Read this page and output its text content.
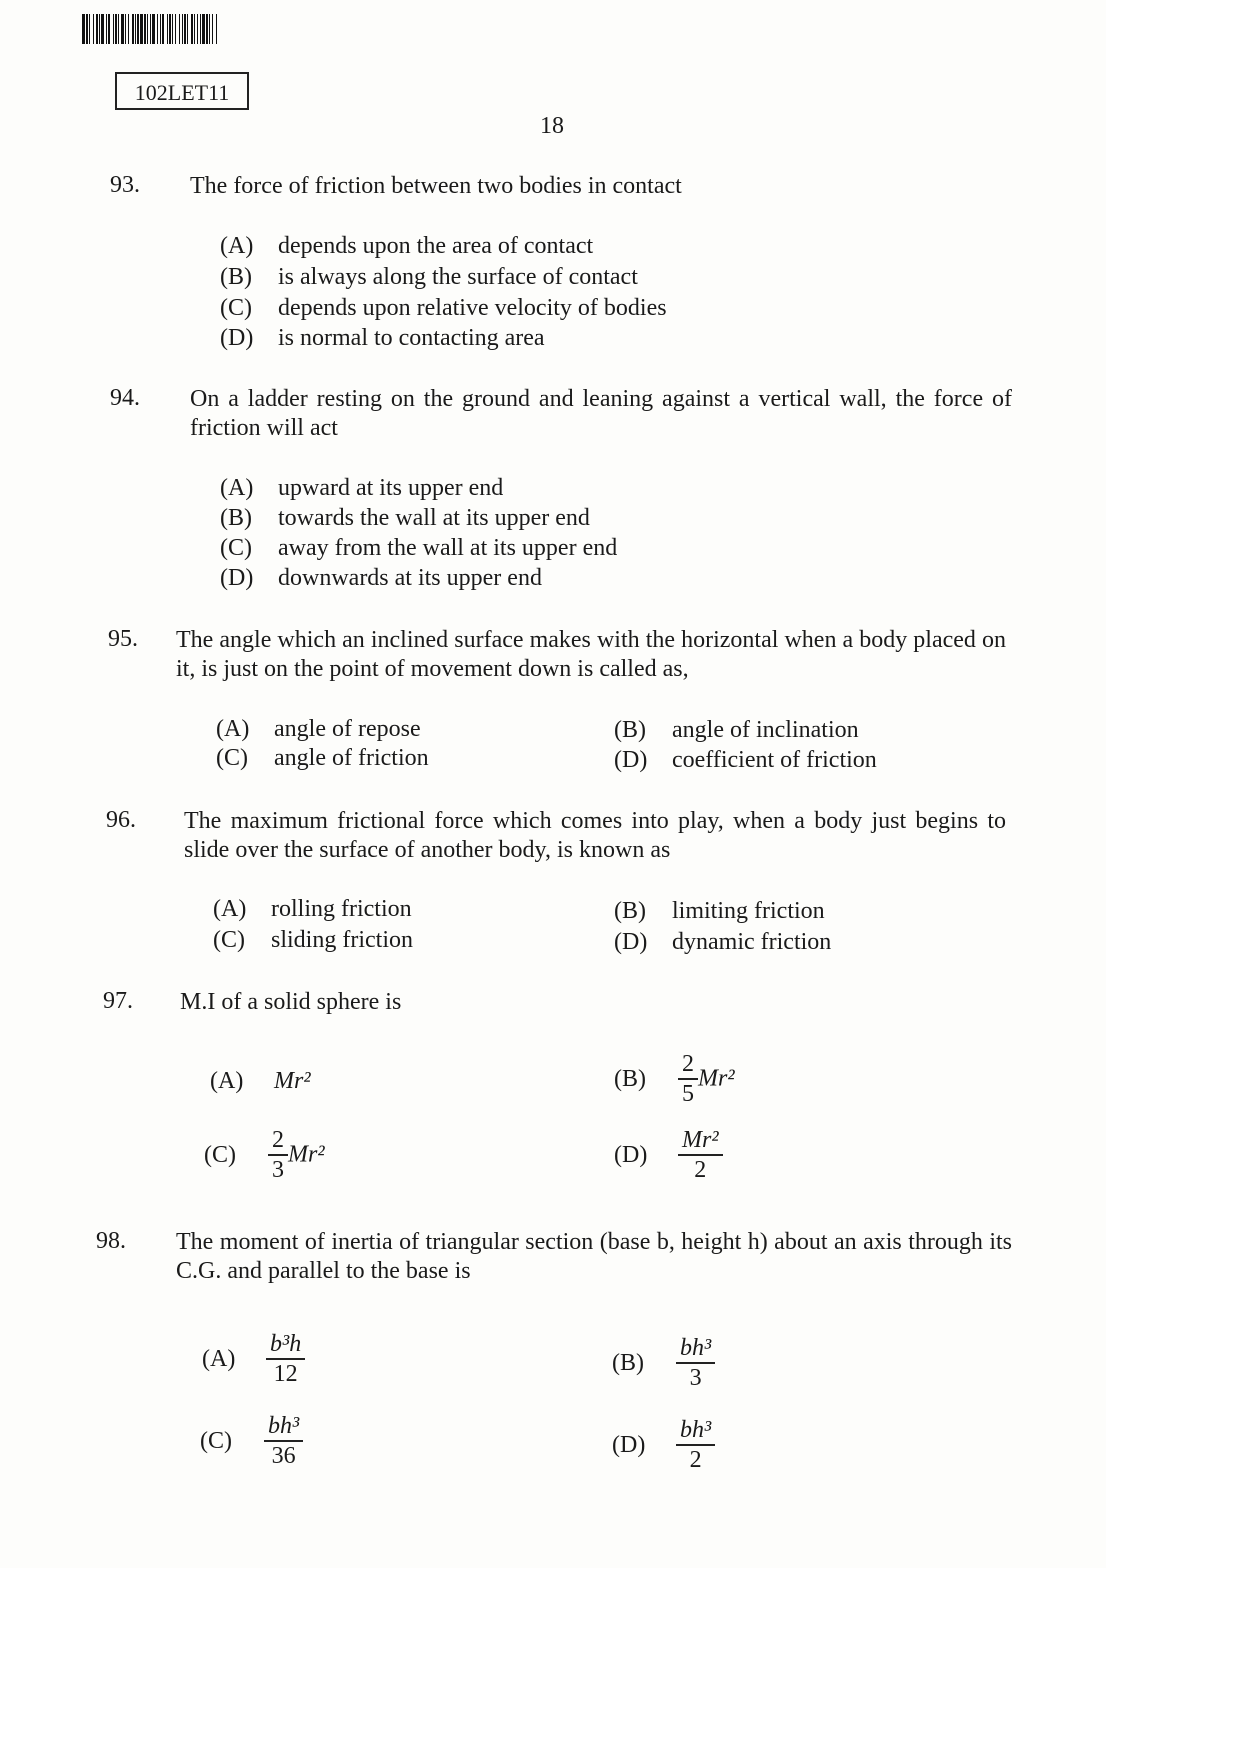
102LET11
18
93. The force of friction between two bodies in contact
(A) depends upon the area of contact
(B) is always along the surface of contact
(C) depends upon relative velocity of bodies
(D) is normal to contacting area
94. On a ladder resting on the ground and leaning against a vertical wall, the force of friction will act
(A) upward at its upper end
(B) towards the wall at its upper end
(C) away from the wall at its upper end
(D) downwards at its upper end
95. The angle which an inclined surface makes with the horizontal when a body placed on it, is just on the point of movement down is called as,
(A) angle of repose	(B) angle of inclination
(C) angle of friction	(D) coefficient of friction
96. The maximum frictional force which comes into play, when a body just begins to slide over the surface of another body, is known as
(A) rolling friction	(B) limiting friction
(C) sliding friction	(D) dynamic friction
97. M.I of a solid sphere is
(A) Mr²	$(B) \frac{2}{5} Mr^2$
$(C) \frac{2}{3} Mr^2$	$(D) \frac{\text{Mr²}}{2}$
98. The moment of inertia of triangular section (base b, height h) about an axis through its C.G. and parallel to the base is
$(A) \frac{\text{b³h}}{12}$	$(B) \frac{\text{bh³}}{3}$
$(C) \frac{\text{bh³}}{36}$	$(D) \frac{\text{bh³}}{2}$
